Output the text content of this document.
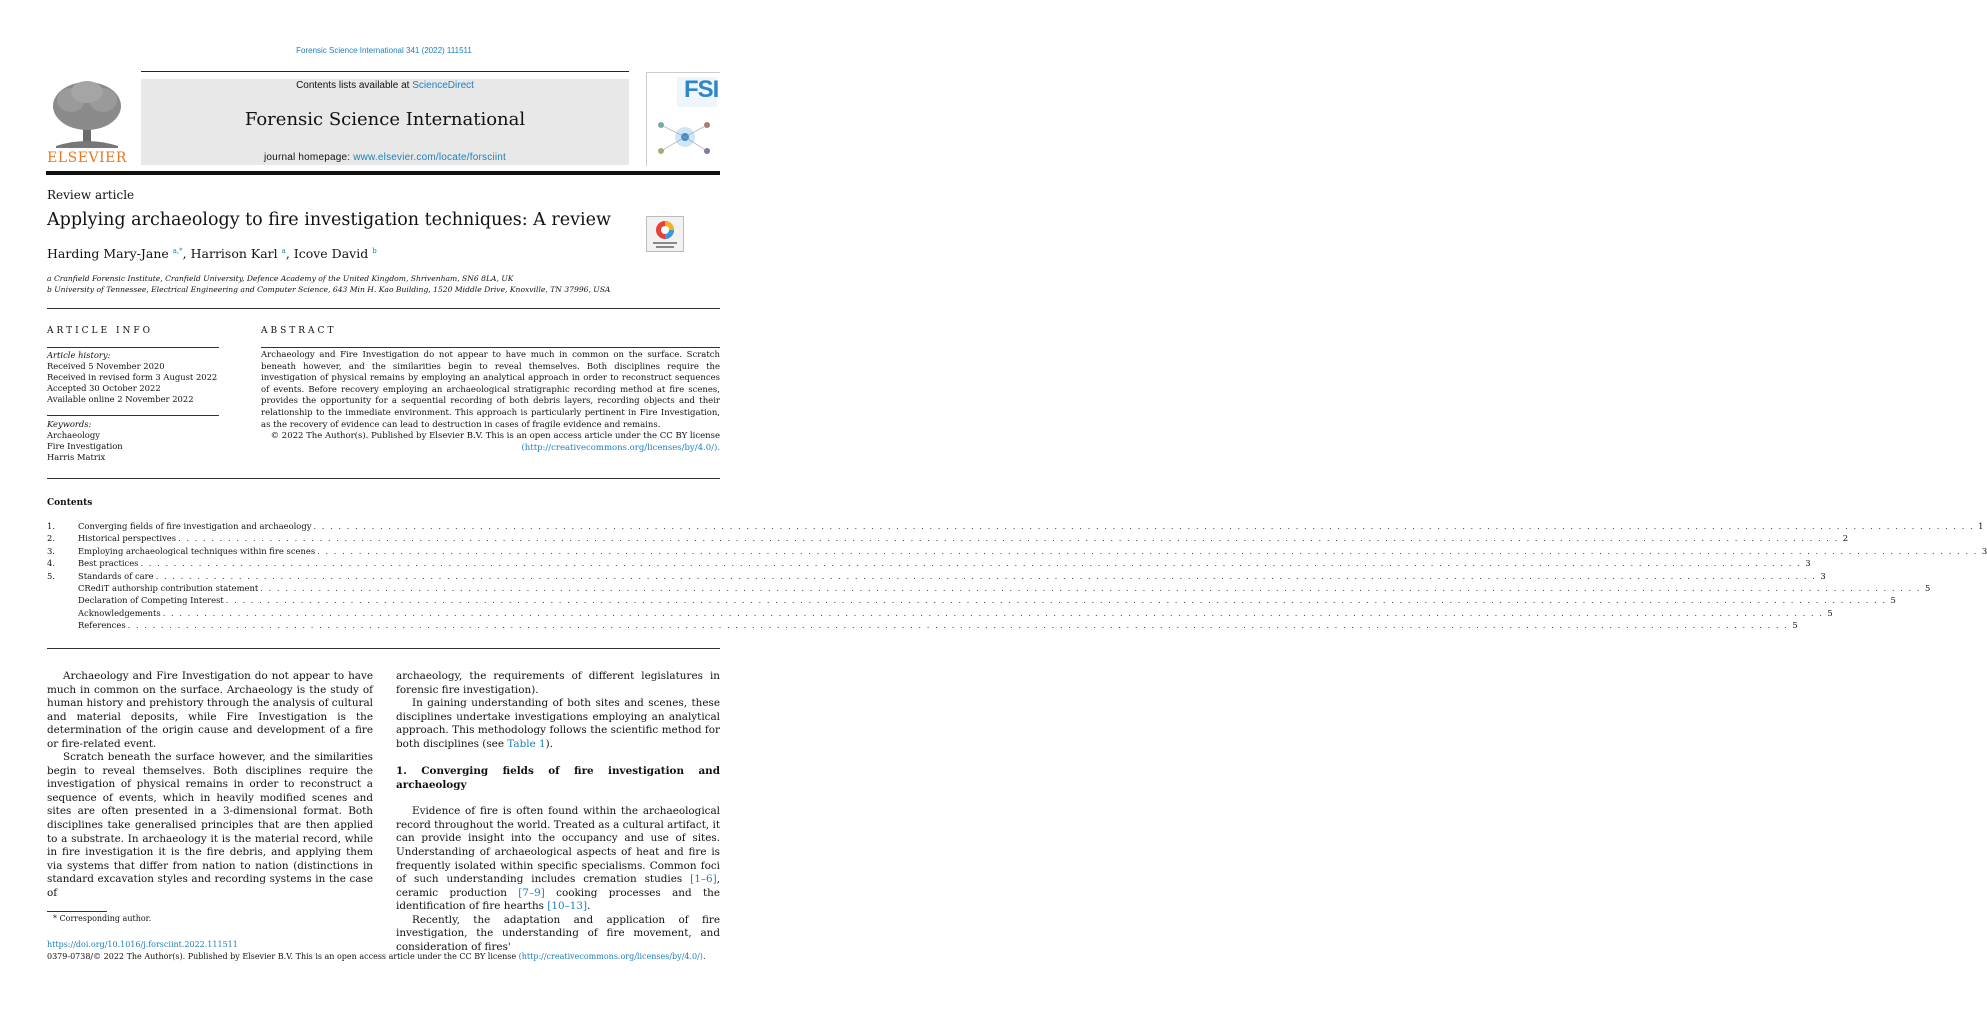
Forensic Science International 341 (2022) 111511
ELSEVIER
Contents lists available at ScienceDirect
Forensic Science International
journal homepage: www.elsevier.com/locate/forsciint
FSI
Review article
Applying archaeology to fire investigation techniques: A review
Harding Mary-Jane $^{a,*}$, Harrison Karl $^a$, Icove David $^b$
a Cranfield Forensic Institute, Cranfield University, Defence Academy of the United Kingdom, Shrivenham, SN6 8LA, UK
b University of Tennessee, Electrical Engineering and Computer Science, 643 Min H. Kao Building, 1520 Middle Drive, Knoxville, TN 37996, USA
ARTICLE INFO	ABSTRACT
Article history:
Received 5 November 2020
Received in revised form 3 August 2022
Accepted 30 October 2022
Available online 2 November 2022
Keywords:
Archaeology
Fire Investigation
Harris Matrix
Archaeology and Fire Investigation do not appear to have much in common on the surface. Scratch beneath however, and the similarities begin to reveal themselves. Both disciplines require the investigation of physical remains by employing an analytical approach in order to reconstruct sequences of events. Before recovery employing an archaeological stratigraphic recording method at fire scenes, provides the opportunity for a sequential recording of both debris layers, recording objects and their relationship to the immediate environment. This approach is particularly pertinent in Fire Investigation, as the recovery of evidence can lead to destruction in cases of fragile evidence and remains.
© 2022 The Author(s). Published by Elsevier B.V. This is an open access article under the CC BY license (http://creativecommons.org/licenses/by/4.0/).
Contents
1.	Converging fields of fire investigation and archaeology . . . . . . . . . . . . . . . . . . . . . . . . . . . . . . . . . . . . . . . . . . . . . . . . . . . . . . . . . . . . . . . . . . . . . . . . . . . . . . . . . . . . . . . . . . . . . . . . . . . . . . . . . . . . . . . . . . . . . . . . . . . . . . . . . . . . . . . . . . . . . . . . . . . . . . . . . . . . . . . . . . . . . . . . . . . . . . . . . . . . . . . . . . . . . . . . . . . . . . . . 1
2.	Historical perspectives . . . . . . . . . . . . . . . . . . . . . . . . . . . . . . . . . . . . . . . . . . . . . . . . . . . . . . . . . . . . . . . . . . . . . . . . . . . . . . . . . . . . . . . . . . . . . . . . . . . . . . . . . . . . . . . . . . . . . . . . . . . . . . . . . . . . . . . . . . . . . . . . . . . . . . . . . . . . . . . . . . . . . . . . . . . . . . . . . . . . . . . . . . . . . . . . . . . . . . . . 2
3.	Employing archaeological techniques within fire scenes . . . . . . . . . . . . . . . . . . . . . . . . . . . . . . . . . . . . . . . . . . . . . . . . . . . . . . . . . . . . . . . . . . . . . . . . . . . . . . . . . . . . . . . . . . . . . . . . . . . . . . . . . . . . . . . . . . . . . . . . . . . . . . . . . . . . . . . . . . . . . . . . . . . . . . . . . . . . . . . . . . . . . . . . . . . . . . . . . . . . . . . . . . . . . . . . . . . . . . . . 3
4.	Best practices . . . . . . . . . . . . . . . . . . . . . . . . . . . . . . . . . . . . . . . . . . . . . . . . . . . . . . . . . . . . . . . . . . . . . . . . . . . . . . . . . . . . . . . . . . . . . . . . . . . . . . . . . . . . . . . . . . . . . . . . . . . . . . . . . . . . . . . . . . . . . . . . . . . . . . . . . . . . . . . . . . . . . . . . . . . . . . . . . . . . . . . . . . . . . . . . . . . . . . . . 3
5.	Standards of care . . . . . . . . . . . . . . . . . . . . . . . . . . . . . . . . . . . . . . . . . . . . . . . . . . . . . . . . . . . . . . . . . . . . . . . . . . . . . . . . . . . . . . . . . . . . . . . . . . . . . . . . . . . . . . . . . . . . . . . . . . . . . . . . . . . . . . . . . . . . . . . . . . . . . . . . . . . . . . . . . . . . . . . . . . . . . . . . . . . . . . . . . . . . . . . . . . . . . . . . 3
CRediT authorship contribution statement . . . . . . . . . . . . . . . . . . . . . . . . . . . . . . . . . . . . . . . . . . . . . . . . . . . . . . . . . . . . . . . . . . . . . . . . . . . . . . . . . . . . . . . . . . . . . . . . . . . . . . . . . . . . . . . . . . . . . . . . . . . . . . . . . . . . . . . . . . . . . . . . . . . . . . . . . . . . . . . . . . . . . . . . . . . . . . . . . . . . . . . . . . . . . . . . . . . . . . . . 5
Declaration of Competing Interest . . . . . . . . . . . . . . . . . . . . . . . . . . . . . . . . . . . . . . . . . . . . . . . . . . . . . . . . . . . . . . . . . . . . . . . . . . . . . . . . . . . . . . . . . . . . . . . . . . . . . . . . . . . . . . . . . . . . . . . . . . . . . . . . . . . . . . . . . . . . . . . . . . . . . . . . . . . . . . . . . . . . . . . . . . . . . . . . . . . . . . . . . . . . . . . . . . . . . . . . 5
Acknowledgements . . . . . . . . . . . . . . . . . . . . . . . . . . . . . . . . . . . . . . . . . . . . . . . . . . . . . . . . . . . . . . . . . . . . . . . . . . . . . . . . . . . . . . . . . . . . . . . . . . . . . . . . . . . . . . . . . . . . . . . . . . . . . . . . . . . . . . . . . . . . . . . . . . . . . . . . . . . . . . . . . . . . . . . . . . . . . . . . . . . . . . . . . . . . . . . . . . . . . . . . 5
References . . . . . . . . . . . . . . . . . . . . . . . . . . . . . . . . . . . . . . . . . . . . . . . . . . . . . . . . . . . . . . . . . . . . . . . . . . . . . . . . . . . . . . . . . . . . . . . . . . . . . . . . . . . . . . . . . . . . . . . . . . . . . . . . . . . . . . . . . . . . . . . . . . . . . . . . . . . . . . . . . . . . . . . . . . . . . . . . . . . . . . . . . . . . . . . . . . . . . . . . 5

Archaeology and Fire Investigation do not appear to have much in common on the surface. Archaeology is the study of human history and prehistory through the analysis of cultural and material deposits, while Fire Investigation is the determination of the origin cause and development of a fire or fire-related event.

Scratch beneath the surface however, and the similarities begin to reveal themselves. Both disciplines require the investigation of physical remains in order to reconstruct a sequence of events, which in heavily modified scenes and sites are often presented in a 3-dimensional format. Both disciplines take generalised principles that are then applied to a substrate. In archaeology it is the material record, while in fire investigation it is the fire debris, and applying them via systems that differ from nation to nation (distinctions in standard excavation styles and recording systems in the case of

archaeology, the requirements of different legislatures in forensic fire investigation).

In gaining understanding of both sites and scenes, these disciplines undertake investigations employing an analytical approach. This methodology follows the scientific method for both disciplines (see Table 1).

1. Converging fields of fire investigation and archaeology

Evidence of fire is often found within the archaeological record throughout the world. Treated as a cultural artifact, it can provide insight into the occupancy and use of sites. Understanding of archaeological aspects of heat and fire is frequently isolated within specific specialisms. Common foci of such understanding includes cremation studies [1–6], ceramic production [7–9] cooking processes and the identification of fire hearths [10–13].

Recently, the adaptation and application of fire investigation, the understanding of fire movement, and consideration of fires'

* Corresponding author.
https://doi.org/10.1016/j.forsciint.2022.111511
0379-0738/© 2022 The Author(s). Published by Elsevier B.V. This is an open access article under the CC BY license (http://creativecommons.org/licenses/by/4.0/).
